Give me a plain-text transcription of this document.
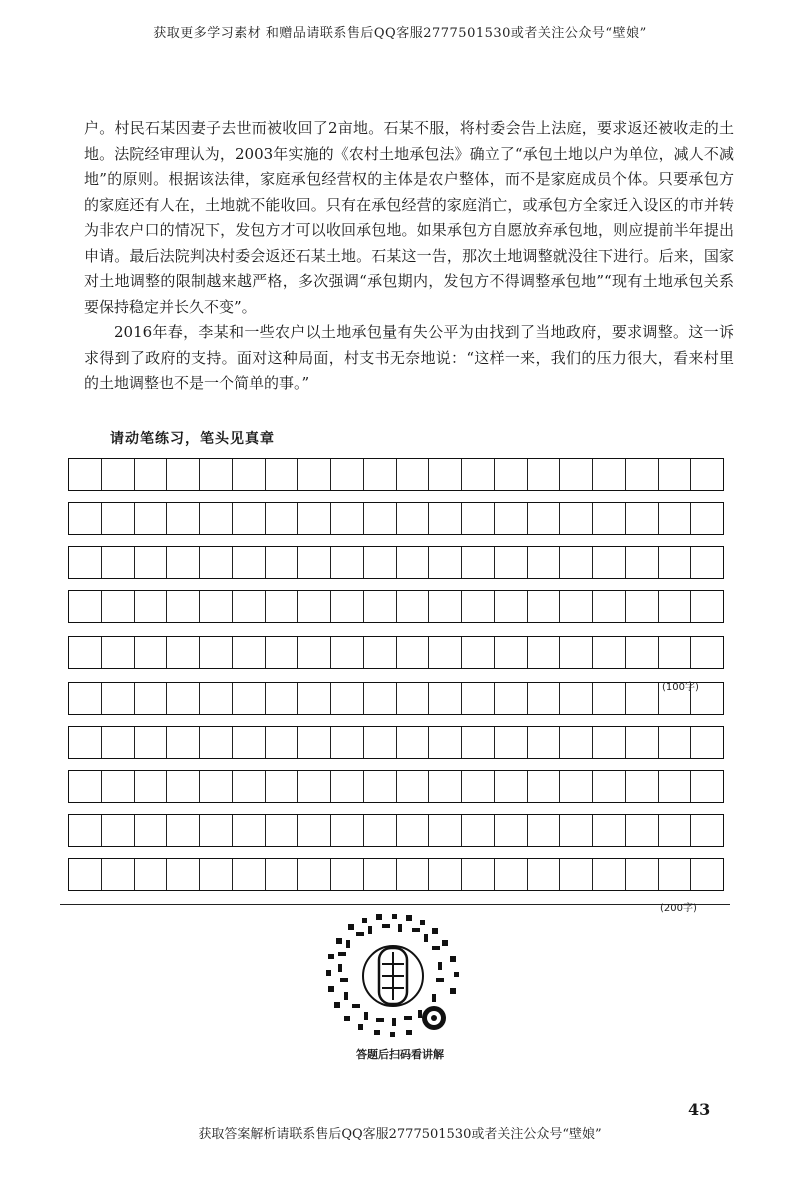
获取更多学习素材 和赠品请联系售后QQ客服2777501530或者关注公众号“壁娘”

户。村民石某因妻子去世而被收回了2亩地。石某不服，将村委会告上法庭，要求返还被收走的土地。法院经审理认为，2003年实施的《农村土地承包法》确立了“承包土地以户为单位，减人不减地”的原则。根据该法律，家庭承包经营权的主体是农户整体，而不是家庭成员个体。只要承包方的家庭还有人在，土地就不能收回。只有在承包经营的家庭消亡，或承包方全家迁入设区的市并转为非农户口的情况下，发包方才可以收回承包地。如果承包方自愿放弃承包地，则应提前半年提出申请。最后法院判决村委会返还石某土地。石某这一告，那次土地调整就没往下进行。后来，国家对土地调整的限制越来越严格，多次强调“承包期内，发包方不得调整承包地”“现有土地承包关系要保持稳定并长久不变”。

2016年春，李某和一些农户以土地承包量有失公平为由找到了当地政府，要求调整。这一诉求得到了政府的支持。面对这种局面，村支书无奈地说：“这样一来，我们的压力很大，看来村里的土地调整也不是一个简单的事。”

请动笔练习，笔头见真章
(100字)
(200字)
答题后扫码看讲解
43
获取答案解析请联系售后QQ客服2777501530或者关注公众号“壁娘”
